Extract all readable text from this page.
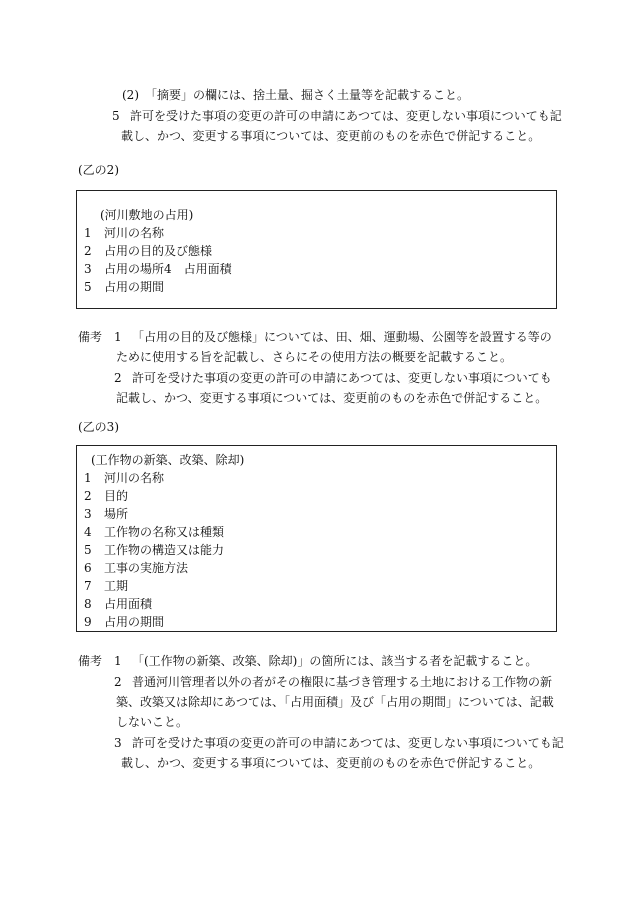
(2)　「摘要」の欄には、捨土量、掘さく土量等を記載すること。
5 許可を受けた事項の変更の許可の申請にあつては、変更しない事項についても記
載し、かつ、変更する事項については、変更前のものを赤色で併記すること。
(乙の2)
(河川敷地の占用)
1 河川の名称
2 占用の目的及び態様
3 占用の場所4　占用面積
5 占用の期間
備考 1 「占用の目的及び態様」については、田、畑、運動場、公園等を設置する等の
ために使用する旨を記載し、さらにその使用方法の概要を記載すること。
2 許可を受けた事項の変更の許可の申請にあつては、変更しない事項についても
記載し、かつ、変更する事項については、変更前のものを赤色で併記すること。
(乙の3)
(工作物の新築、改築、除却)
1 河川の名称
2 目的
3 場所
4 工作物の名称又は種類
5 工作物の構造又は能力
6 工事の実施方法
7 工期
8 占用面積
9 占用の期間
備考 1 「(工作物の新築、改築、除却)」の箇所には、該当する者を記載すること。
2 普通河川管理者以外の者がその権限に基づき管理する土地における工作物の新
築、改築又は除却にあつては、「占用面積」及び「占用の期間」については、記載
しないこと。
3 許可を受けた事項の変更の許可の申請にあつては、変更しない事項についても記
載し、かつ、変更する事項については、変更前のものを赤色で併記すること。
